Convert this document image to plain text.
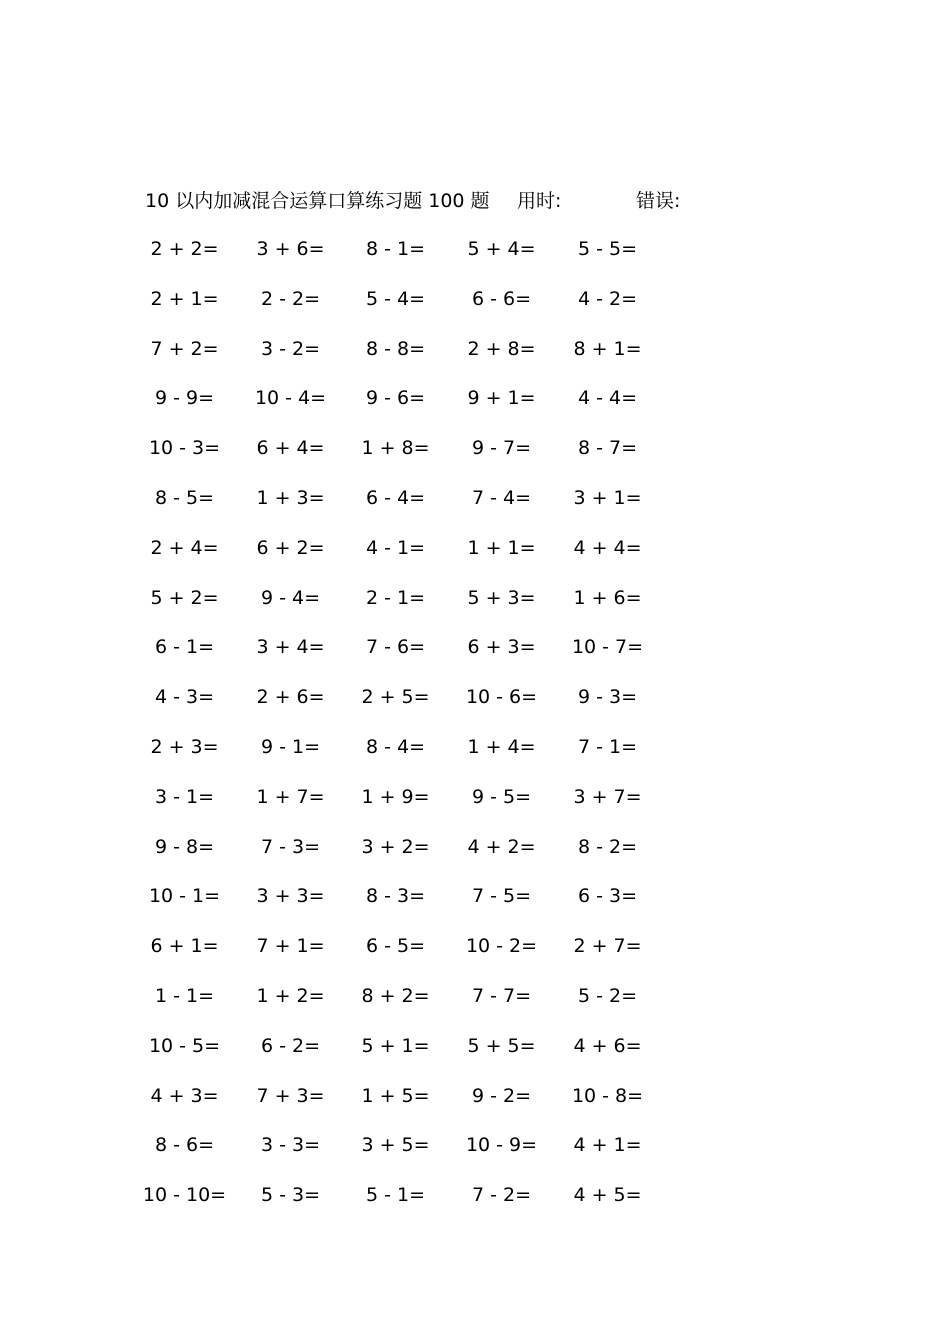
10 以内加减混合运算口算练习题 100 题 用时:	错误:
2 + 2=	3 + 6=	8 - 1=	5 + 4=	5 - 5=
2 + 1=	2 - 2=	5 - 4=	6 - 6=	4 - 2=
7 + 2=	3 - 2=	8 - 8=	2 + 8=	8 + 1=
9 - 9=	10 - 4=	9 - 6=	9 + 1=	4 - 4=
10 - 3=	6 + 4=	1 + 8=	9 - 7=	8 - 7=
8 - 5=	1 + 3=	6 - 4=	7 - 4=	3 + 1=
2 + 4=	6 + 2=	4 - 1=	1 + 1=	4 + 4=
5 + 2=	9 - 4=	2 - 1=	5 + 3=	1 + 6=
6 - 1=	3 + 4=	7 - 6=	6 + 3=	10 - 7=
4 - 3=	2 + 6=	2 + 5=	10 - 6=	9 - 3=
2 + 3=	9 - 1=	8 - 4=	1 + 4=	7 - 1=
3 - 1=	1 + 7=	1 + 9=	9 - 5=	3 + 7=
9 - 8=	7 - 3=	3 + 2=	4 + 2=	8 - 2=
10 - 1=	3 + 3=	8 - 3=	7 - 5=	6 - 3=
6 + 1=	7 + 1=	6 - 5=	10 - 2=	2 + 7=
1 - 1=	1 + 2=	8 + 2=	7 - 7=	5 - 2=
10 - 5=	6 - 2=	5 + 1=	5 + 5=	4 + 6=
4 + 3=	7 + 3=	1 + 5=	9 - 2=	10 - 8=
8 - 6=	3 - 3=	3 + 5=	10 - 9=	4 + 1=
10 - 10=	5 - 3=	5 - 1=	7 - 2=	4 + 5=
